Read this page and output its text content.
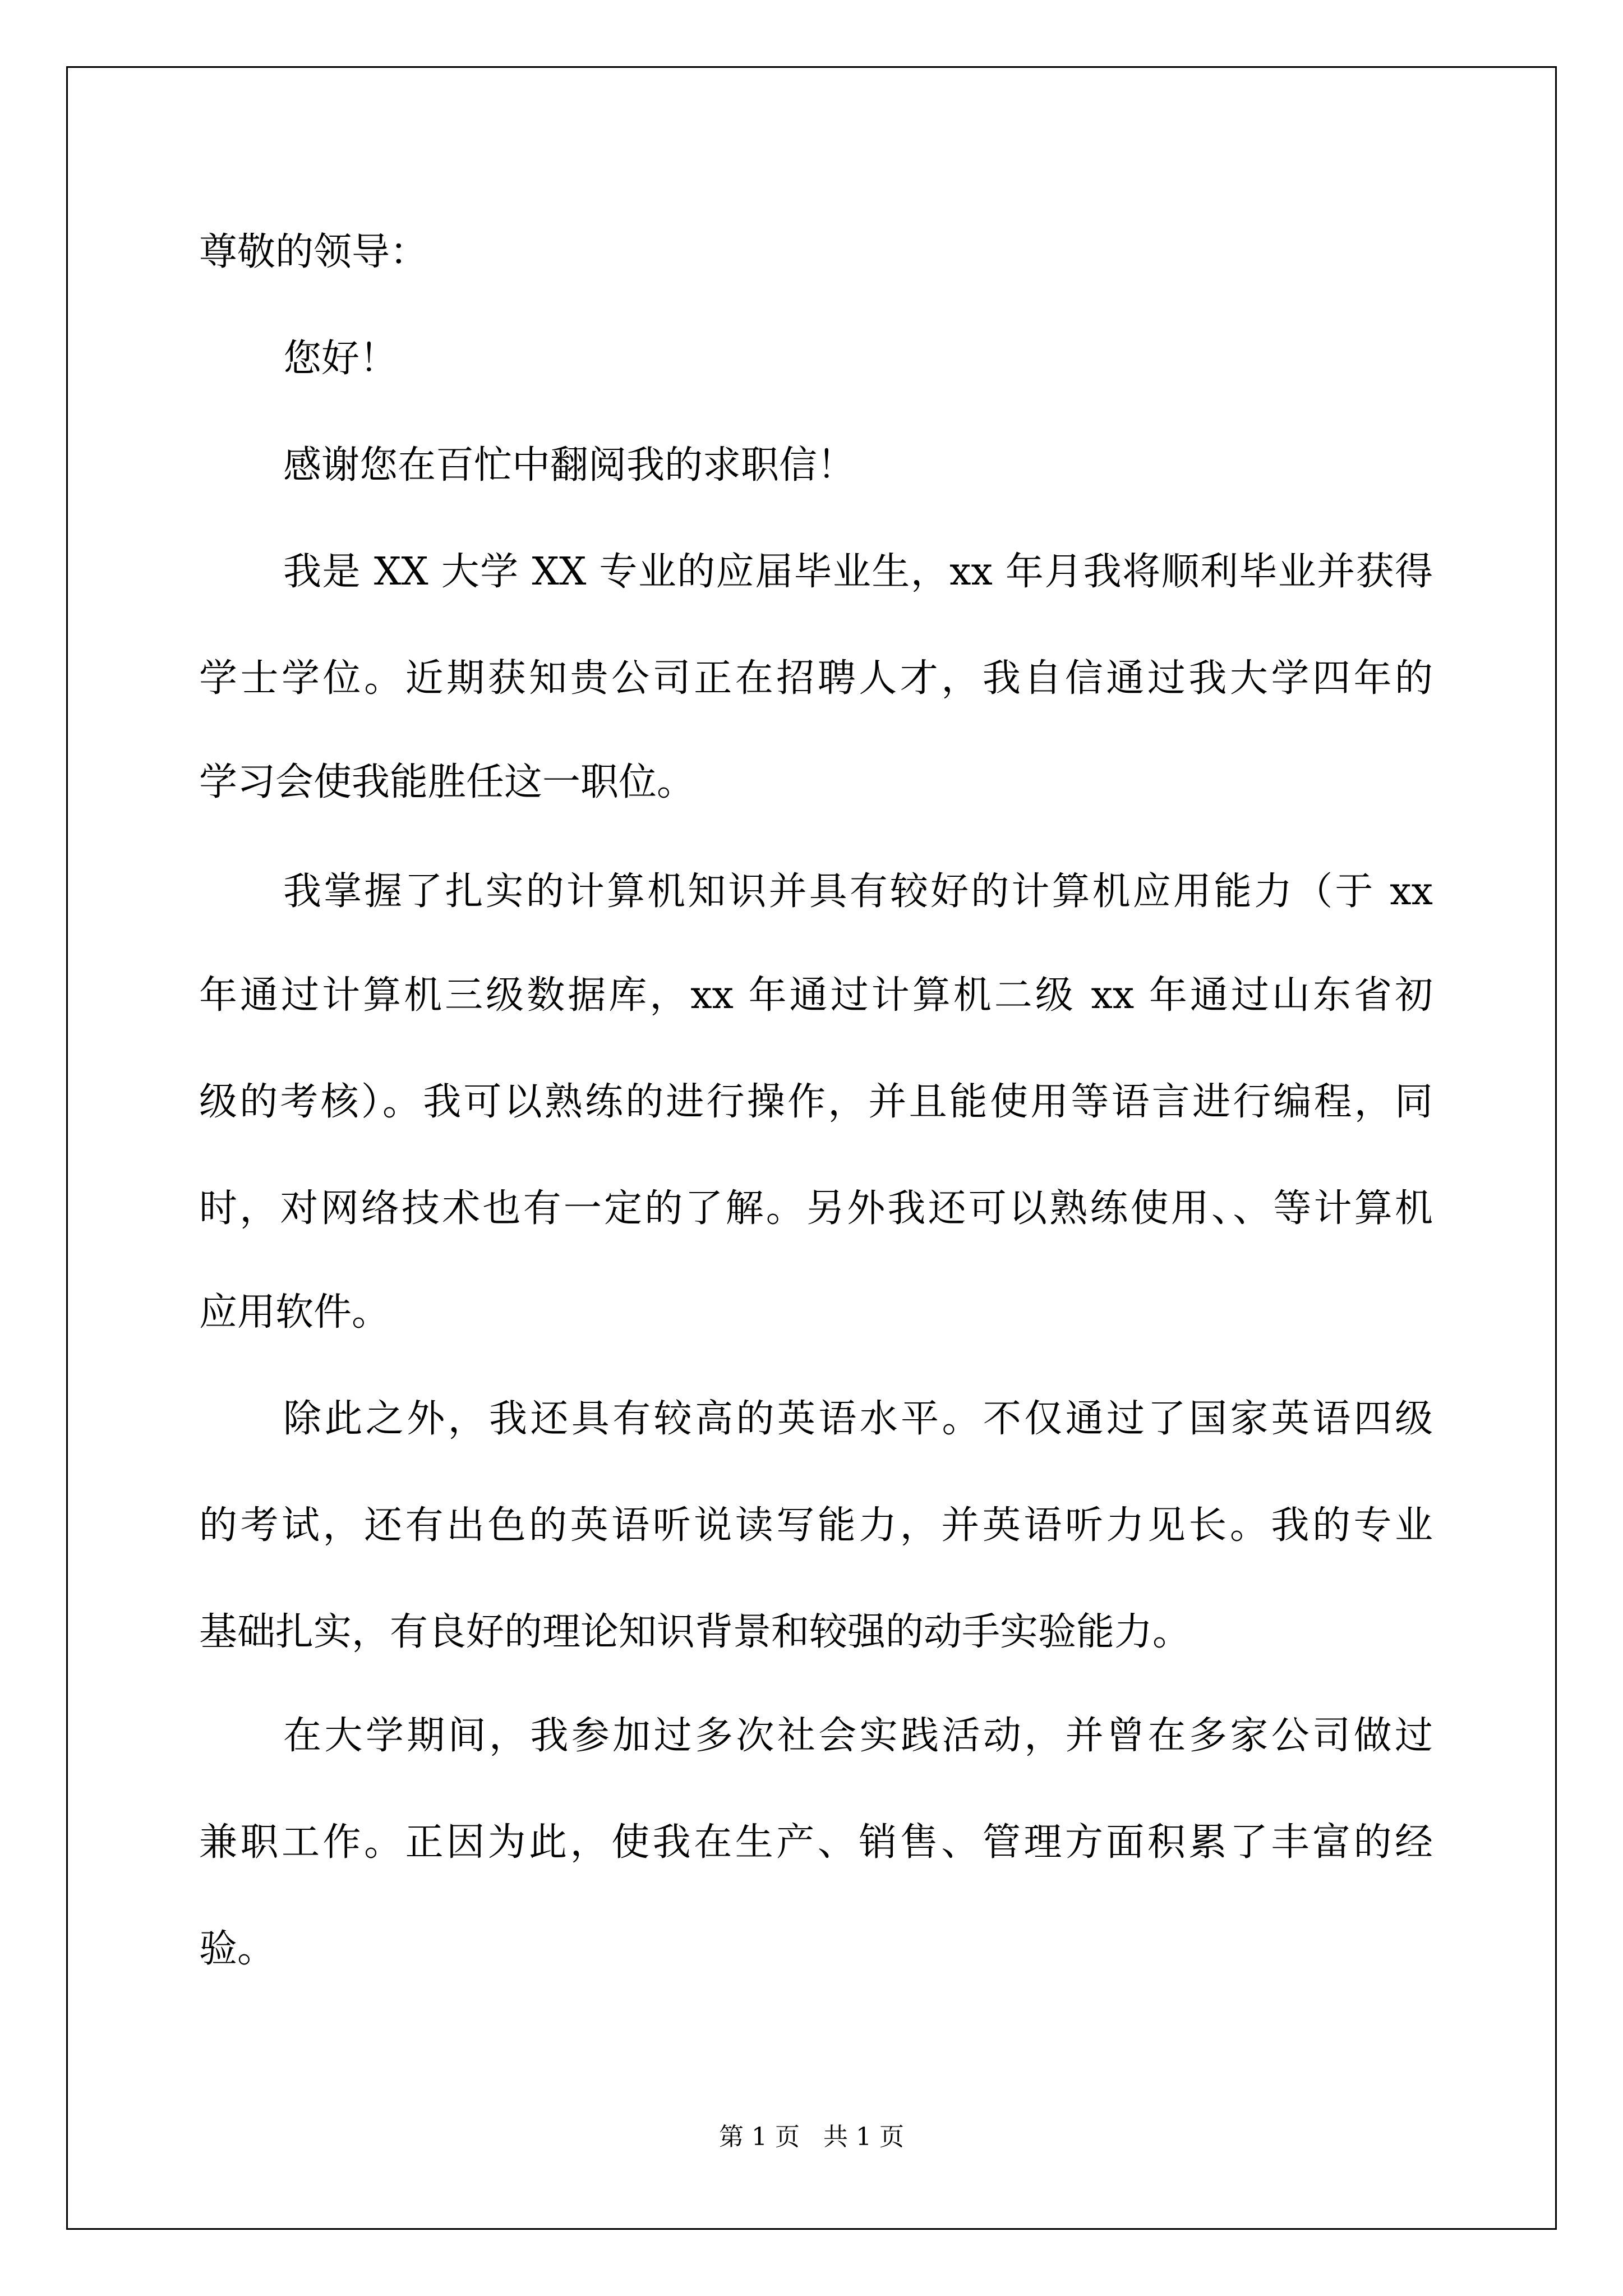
尊敬的领导：
您好！
感谢您在百忙中翻阅我的求职信！
我是 XX 大学 XX 专业的应届毕业生，xx 年月我将顺利毕业并获得
学士学位。近期获知贵公司正在招聘人才，我自信通过我大学四年的
学习会使我能胜任这一职位。
我掌握了扎实的计算机知识并具有较好的计算机应用能力（于 xx
年通过计算机三级数据库，xx 年通过计算机二级 xx 年通过山东省初
级的考核）。我可以熟练的进行操作，并且能使用等语言进行编程，同
时，对网络技术也有一定的了解。另外我还可以熟练使用、、等计算机
应用软件。
除此之外，我还具有较高的英语水平。不仅通过了国家英语四级
的考试，还有出色的英语听说读写能力，并英语听力见长。我的专业
基础扎实，有良好的理论知识背景和较强的动手实验能力。
在大学期间，我参加过多次社会实践活动，并曾在多家公司做过
兼职工作。正因为此，使我在生产、销售、管理方面积累了丰富的经
验。
第 1 页   共 1 页
